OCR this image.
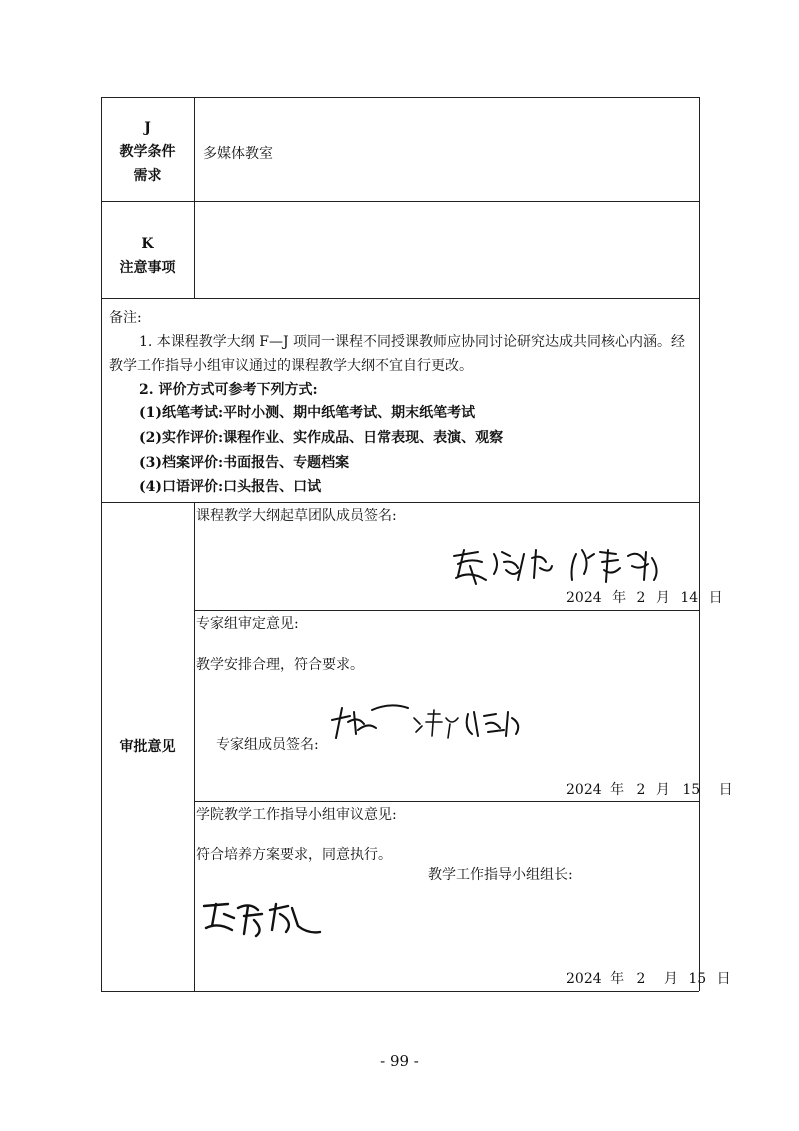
J
教学条件
需求
多媒体教室
K
注意事项
备注:
1. 本课程教学大纲 F—J 项同一课程不同授课教师应协同讨论研究达成共同核心内涵。经
教学工作指导小组审议通过的课程教学大纲不宜自行更改。
2. 评价方式可参考下列方式:
(1)纸笔考试:平时小测、期中纸笔考试、期末纸笔考试
(2)实作评价:课程作业、实作成品、日常表现、表演、观察
(3)档案评价:书面报告、专题档案
(4)口语评价:口头报告、口试
审批意见
课程教学大纲起草团队成员签名:
2024 年 2 月 14 日
专家组审定意见:
教学安排合理，符合要求。
专家组成员签名:
2024 年 2 月 15 日
学院教学工作指导小组审议意见:
符合培养方案要求，同意执行。
教学工作指导小组组长:
2024 年 2 月 15 日
- 99 -
